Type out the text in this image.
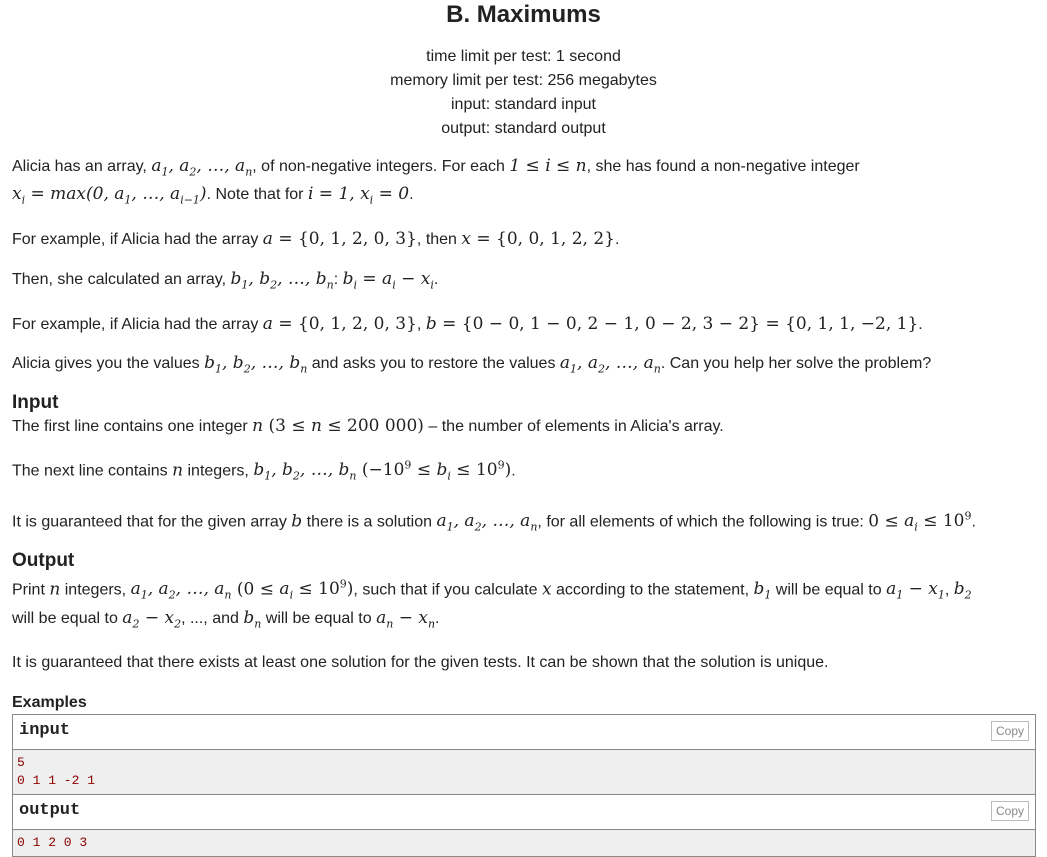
B. Maximums
time limit per test: 1 second
memory limit per test: 256 megabytes
input: standard input
output: standard output

Alicia has an array, $a_1$, $a_2$, …, $a_n$, of non-negative integers. For each 1 ≤ i ≤ n, she has found a non-negative integer
$x_i = \max(0$, $a_1$, …, $a_{i-1}$). Note that for i = 1, $x_i = 0$.

For example, if Alicia had the array a = {0, 1, 2, 0, 3}, then x = {0, 0, 1, 2, 2}.

Then, she calculated an array, $b_1$, $b_2$, …, $b_n$: $b_i = a_i - x_i$.

For example, if Alicia had the array a = {0, 1, 2, 0, 3}, b = {0 − 0, 1 − 0, 2 − 1, 0 − 2, 3 − 2} = {0, 1, 1, −2, 1}.

Alicia gives you the values $b_1$, $b_2$, …, $b_n$ and asks you to restore the values $a_1$, $a_2$, …, $a_n$. Can you help her solve the problem?

Input

The first line contains one integer n (3 ≤ n ≤ 200 000) – the number of elements in Alicia's array.

The next line contains n integers, $b_1$, $b_2$, …, $b_n$ $(-10^9 \le b_i \le 10^9)$.

It is guaranteed that for the given array b there is a solution $a_1$, $a_2$, …, $a_n$, for all elements of which the following is true: $0 \le a_i \le 10^9$.

Output

Print n integers, $a_1$, $a_2$, …, $a_n$ $(0 \le a_i \le 10^9)$, such that if you calculate x according to the statement, $b_1$ will be equal to $a_1 - x_1$, $b_2$
will be equal to $a_2 - x_2$, ..., and $b_n$ will be equal to $a_n - x_n$.

It is guaranteed that there exists at least one solution for the given tests. It can be shown that the solution is unique.

Examples
input	Copy
5
0 1 1 -2 1
output	Copy
0 1 2 0 3
